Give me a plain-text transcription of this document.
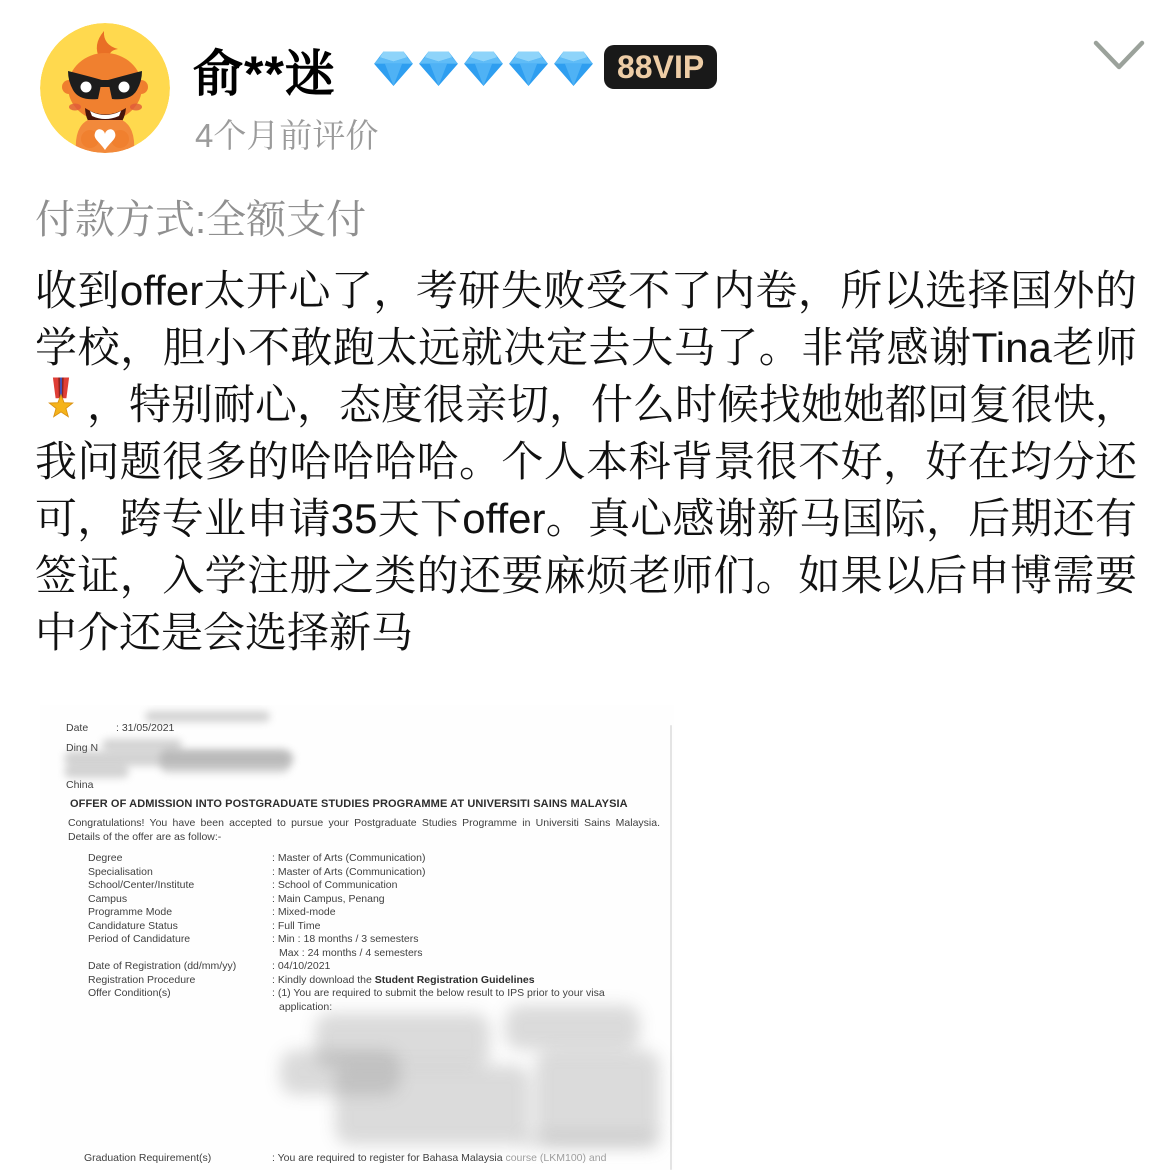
俞**迷	88VIP
4个月前评价
付款方式:全额支付
收到offer太开心了，考研失败受不了内卷，所以选择国外的学校，胆小不敢跑太远就决定去大马了。非常感谢Tina老师，特别耐心，态度很亲切，什么时候找她她都回复很快，我问题很多的哈哈哈哈。个人本科背景很不好，好在均分还可，跨专业申请35天下offer。真心感谢新马国际，后期还有签证，入学注册之类的还要麻烦老师们。如果以后申博需要中介还是会选择新马
Date	: 31/05/2021
Ding N
China
OFFER OF ADMISSION INTO POSTGRADUATE STUDIES PROGRAMME AT UNIVERSITI SAINS MALAYSIA
Congratulations! You have been accepted to pursue your Postgraduate Studies Programme in Universiti Sains Malaysia. Details of the offer are as follow:-
Degree	: Master of Arts (Communication)
Specialisation	: Master of Arts (Communication)
School/Center/Institute	: School of Communication
Campus	: Main Campus, Penang
Programme Mode	: Mixed-mode
Candidature Status	: Full Time
Period of Candidature	: Min : 18 months / 3 semesters
Max : 24 months / 4 semesters
Date of Registration (dd/mm/yy)	: 04/10/2021
Registration Procedure	: Kindly download the Student Registration Guidelines
Offer Condition(s)	: (1) You are required to submit the below result to IPS prior to your visa
application:
Graduation Requirement(s)	: You are required to register for Bahasa Malaysia course (LKM100) and
